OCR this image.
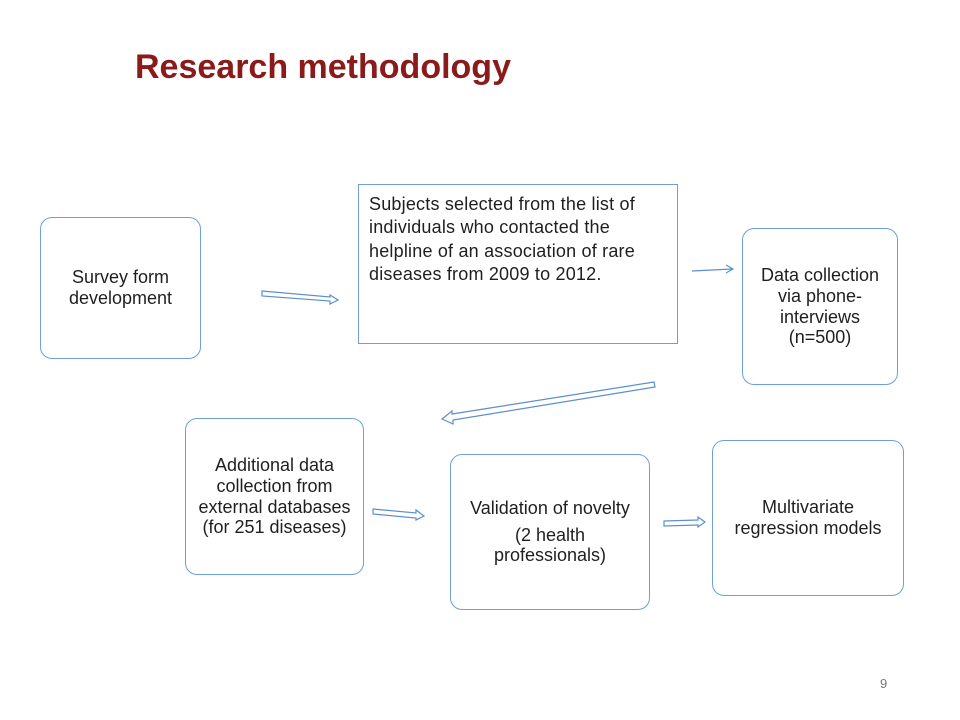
Research methodology

Survey form development

Subjects selected from the list of individuals who contacted the helpline of an association of rare diseases from 2009 to 2012.	Data collection via phone-interviews (n=500)

Additional data collection from external databases (for 251 diseases)

Validation of novelty

(2 health professionals)

Multivariate regression models

9
